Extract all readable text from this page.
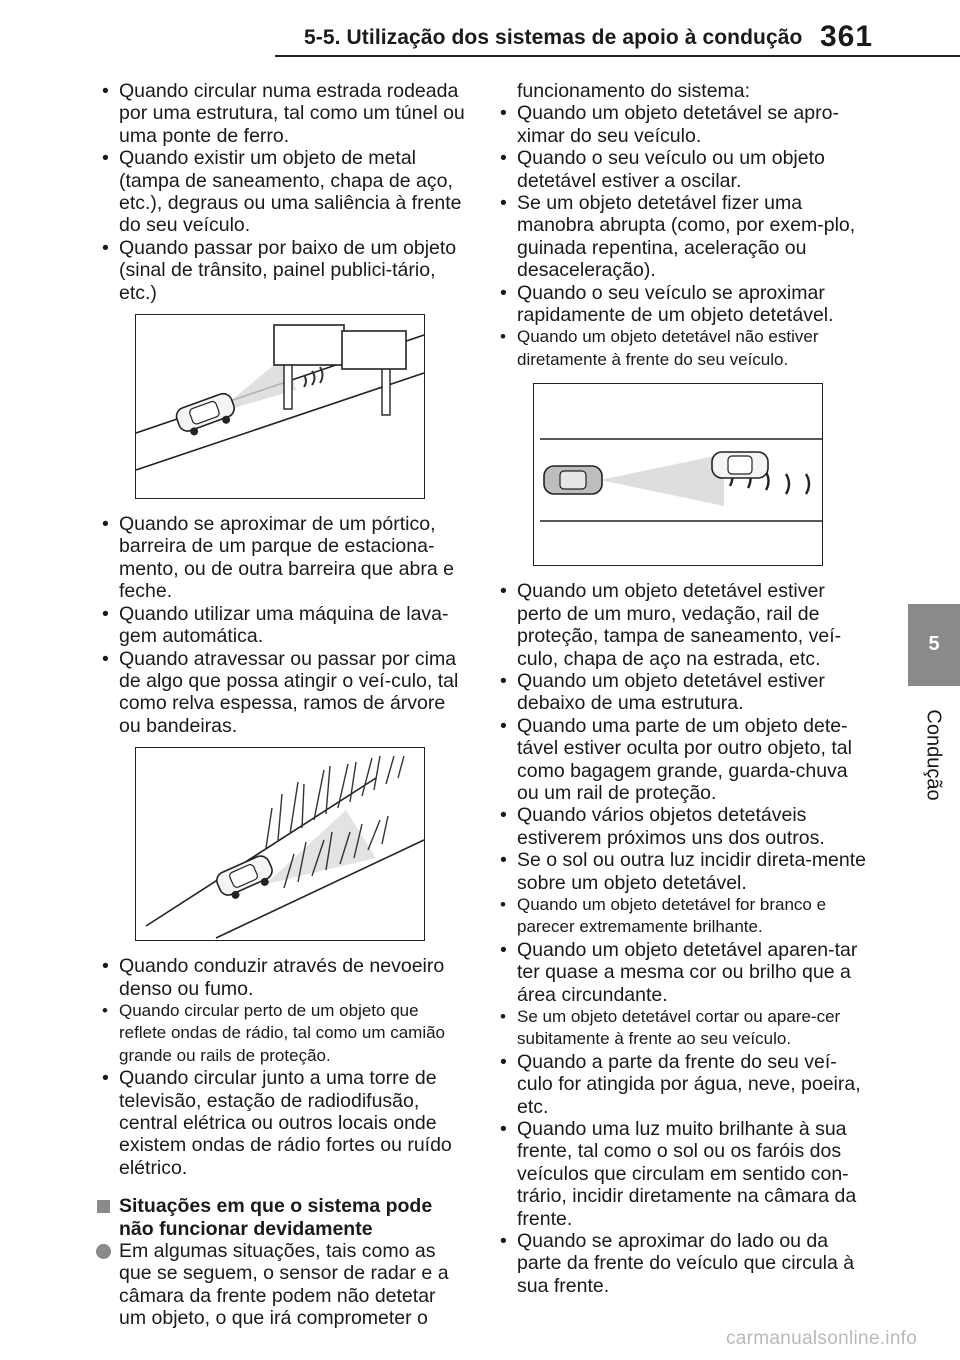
5-5. Utilização dos sistemas de apoio à condução 361
5
Condução
• Quando circular numa estrada rodeada por uma estrutura, tal como um túnel ou uma ponte de ferro.
• Quando existir um objeto de metal (tampa de saneamento, chapa de aço, etc.), degraus ou uma saliência à frente do seu veículo.
• Quando passar por baixo de um objeto (sinal de trânsito, painel publici-tário, etc.)
• Quando se aproximar de um pórtico, barreira de um parque de estaciona-mento, ou de outra barreira que abra e feche.
• Quando utilizar uma máquina de lava-gem automática.
• Quando atravessar ou passar por cima de algo que possa atingir o veí-culo, tal como relva espessa, ramos de árvore ou bandeiras.
• Quando conduzir através de nevoeiro denso ou fumo.
• Quando circular perto de um objeto que reflete ondas de rádio, tal como um camião grande ou rails de proteção.
• Quando circular junto a uma torre de televisão, estação de radiodifusão, central elétrica ou outros locais onde existem ondas de rádio fortes ou ruído elétrico.
Situações em que o sistema pode não funcionar devidamente
Em algumas situações, tais como as que se seguem, o sensor de radar e a câmara da frente podem não detetar um objeto, o que irá comprometer o
funcionamento do sistema:
• Quando um objeto detetável se apro-ximar do seu veículo.
• Quando o seu veículo ou um objeto detetável estiver a oscilar.
• Se um objeto detetável fizer uma manobra abrupta (como, por exem-plo, guinada repentina, aceleração ou desaceleração).
• Quando o seu veículo se aproximar rapidamente de um objeto detetável.
• Quando um objeto detetável não estiver diretamente à frente do seu veículo.
• Quando um objeto detetável estiver perto de um muro, vedação, rail de proteção, tampa de saneamento, veí-culo, chapa de aço na estrada, etc.
• Quando um objeto detetável estiver debaixo de uma estrutura.
• Quando uma parte de um objeto dete-tável estiver oculta por outro objeto, tal como bagagem grande, guarda-chuva ou um rail de proteção.
• Quando vários objetos detetáveis estiverem próximos uns dos outros.
• Se o sol ou outra luz incidir direta-mente sobre um objeto detetável.
• Quando um objeto detetável for branco e parecer extremamente brilhante.
• Quando um objeto detetável aparen-tar ter quase a mesma cor ou brilho que a área circundante.
• Se um objeto detetável cortar ou apare-cer subitamente à frente ao seu veículo.
• Quando a parte da frente do seu veí-culo for atingida por água, neve, poeira, etc.
• Quando uma luz muito brilhante à sua frente, tal como o sol ou os faróis dos veículos que circulam em sentido con-trário, incidir diretamente na câmara da frente.
• Quando se aproximar do lado ou da parte da frente do veículo que circula à sua frente.
carmanualsonline.info
